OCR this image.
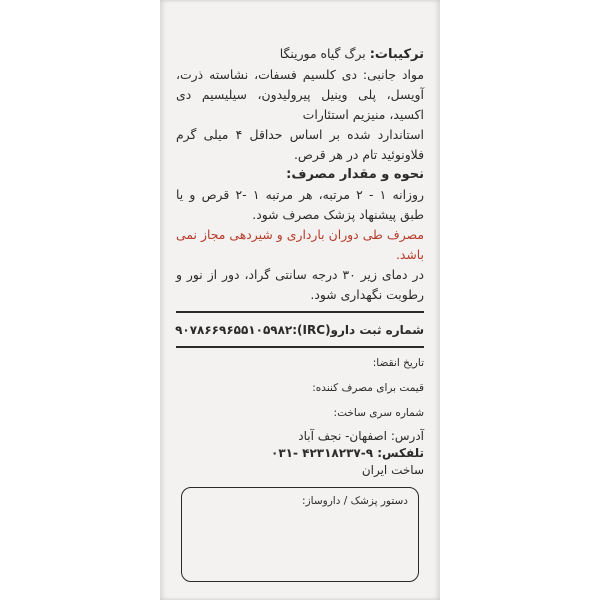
ترکیبات: برگ گیاه مورینگا

مواد جانبی: دی کلسیم فسفات، نشاسته ذرت، آویسل، پلی وینیل پیرولیدون، سیلیسیم دی اکسید، منیزیم استئارات

استاندارد شده بر اساس حداقل ۴ میلی گرم فلاونوئید تام در هر قرص.

نحوه و مقدار مصرف:

روزانه ۱ - ۲ مرتبه، هر مرتبه ۱ -۲ قرص و یا طبق پیشنهاد پزشک مصرف شود.

مصرف طی دوران بارداری و شیردهی مجاز نمی باشد.

در دمای زیر ۳۰ درجه سانتی گراد، دور از نور و رطوبت نگهداری شود.

شماره ثبت دارو(IRC):
۹۰۷۸۶۶۹۶۵۵۱۰۵۹۸۲
تاریخ انقضا:
قیمت برای مصرف کننده:
شماره سری ساخت:
آدرس: اصفهان- نجف آباد
تلفکس: ۰۳۱- ۴۲۳۱۸۲۳۷-۹
ساخت ایران
دستور پزشک / داروساز:
